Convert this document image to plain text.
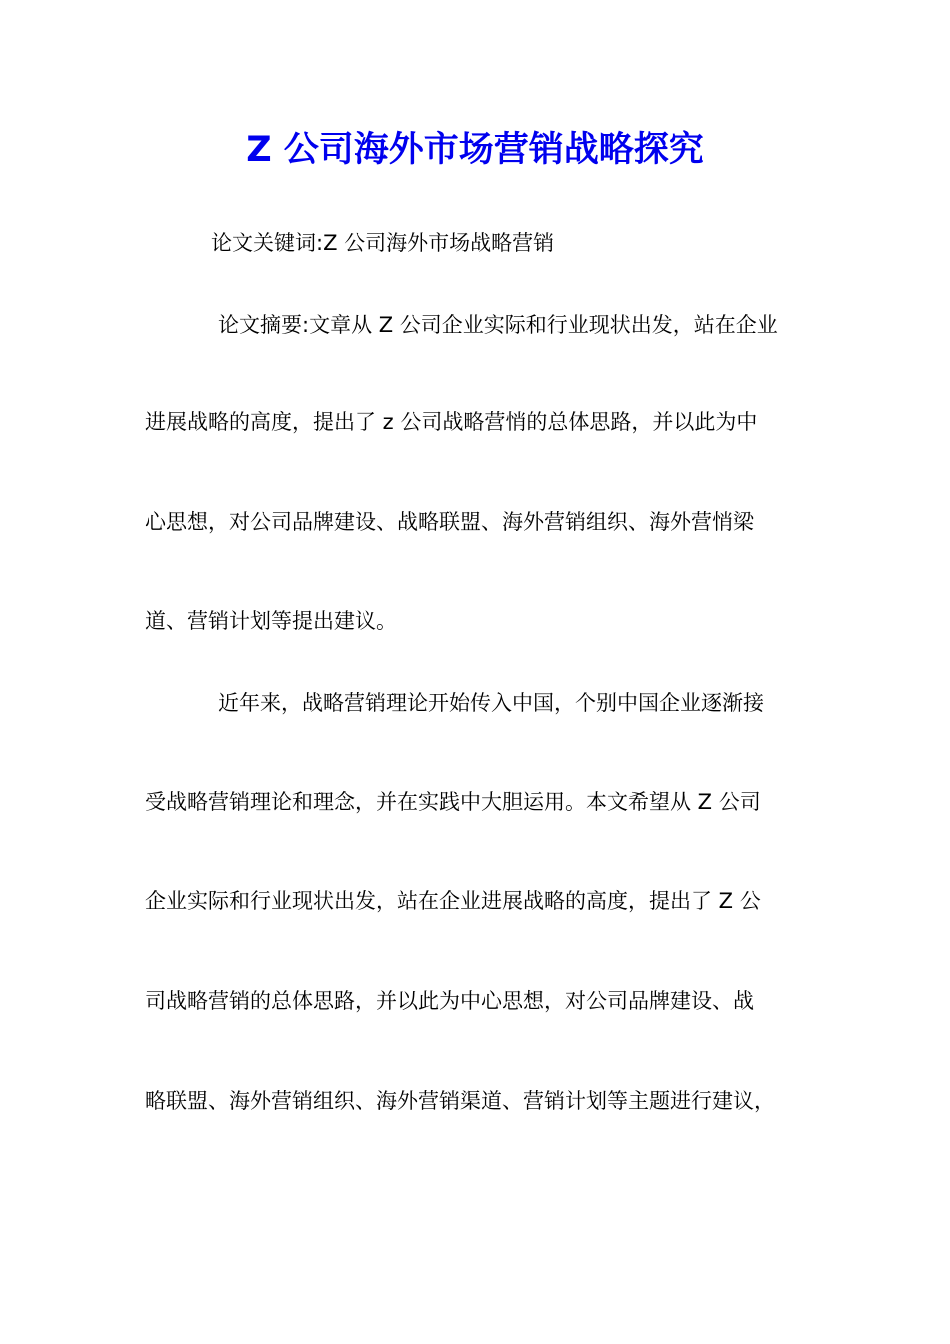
Z 公司海外市场营销战略探究
论文关键词:Z 公司海外市场战略营销
论文摘要:文章从 Z 公司企业实际和行业现状出发，站在企业
进展战略的高度，提出了 z 公司战略营悄的总体思路，并以此为中
心思想，对公司品牌建设、战略联盟、海外营销组织、海外营悄梁
道、营销计划等提出建议。
近年来，战略营销理论开始传入中国，个别中国企业逐渐接
受战略营销理论和理念，并在实践中大胆运用。本文希望从 Z 公司
企业实际和行业现状出发，站在企业进展战略的高度，提出了 Z 公
司战略营销的总体思路，并以此为中心思想，对公司品牌建设、战
略联盟、海外营销组织、海外营销渠道、营销计划等主题进行建议，
